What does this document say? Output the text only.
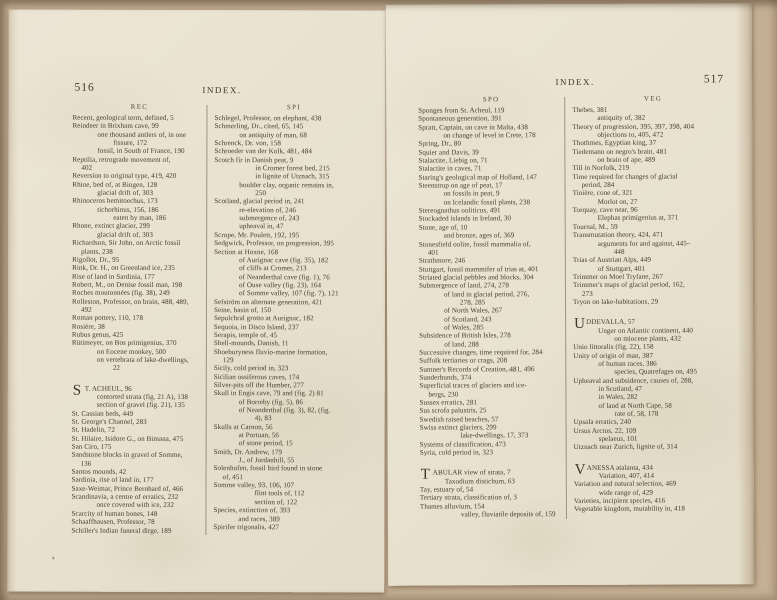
516	INDEX.
REC
Recent, geological term, defined, 5
Reindeer in Brixham cave, 99
one thousand antlers of, in one
fissure, 172
fossil, in South of France, 190
Reptilia, retrograde movement of,
402
Reversion to original type, 419, 420
Rhine, bed of, at Bingen, 128
glacial drift of, 303
Rhinoceros hemitoechus, 173
tichorhinus, 156, 186
eaten by man, 186
Rhone, extinct glacier, 299
glacial drift of, 303
Richardson, Sir John, on Arctic fossil
plants, 238
Rigollot, Dr., 95
Rink, Dr. H., on Greenland ice, 235
Rise of land in Sardinia, 177
Robert, M., on Denise fossil man, 198
Roches moutonnées (fig. 38), 249
Rolleston, Professor, on brain, 488, 489,
492
Roman pottery, 110, 178
Rosière, 38
Rubus genus, 425
Rütimeyer, on Bos primigenius, 370
on Eocene monkey, 500
on vertebrata of lake-dwellings,
22
S T. ACHEUL, 96
contorted strata (fig. 21 A), 138
section of gravel (fig. 21), 135
St. Cassian beds, 449
St. George's Channel, 283
St. Hadelin, 72
St. Hilaire, Isidore G., on Bimana, 475
San Ciro, 175
Sandstone blocks in gravel of Somme,
136
Santos mounds, 42
Sardinia, rise of land in, 177
Saxe-Weimar, Prince Bernhard of, 466
Scandinavia, a centre of erratics, 232
once covered with ice, 232
Scarcity of human bones, 148
Schaaffhausen, Professor, 78
Schiller's Indian funeral dirge, 189
SPI
Schlegel, Professor, on elephant, 438
Schmerling, Dr., cited, 65, 145
on antiquity of man, 68
Schrenck, Dr. von, 158
Schroeder van der Kolk, 481, 484
Scotch fir in Danish peat, 9
in Cromer forest bed, 215
in lignite of Utznach, 315
boulder clay, organic remains in,
250
Scotland, glacial period in, 241
re-elevation of, 246
submergence of, 243
upheaval in, 47
Scrope, Mr. Poulett, 192, 195
Sedgwick, Professor, on progression, 395
Section at Hoxne, 168
of Aurignac cave (fig. 35), 182
of cliffs at Cromer, 213
of Neanderthal cave (fig. 1), 76
of Ouse valley (fig. 23), 164
of Somme valley, 107 (fig. 7), 121
Sefström on alternate generation, 421
Seine, basin of, 150
Sepulchral grotto at Aurignac, 182
Sequoia, in Disco Island, 237
Serapis, temple of, 45
Shell-mounds, Danish, 11
Shoeburyness fluvio-marine formation,
129
Sicily, cold period in, 323
Sicilian ossiferous caves, 174
Silver-pits off the Humber, 277
Skull in Engis cave, 79 and (fig. 2) 81
of Borreby (fig. 5), 86
of Neanderthal (fig. 3), 82, (fig.
4), 83
Skulls at Carnon, 56
at Portuan, 56
of stone period, 15
Smith, Dr. Andrew, 179
J., of Jordanhill, 55
Solenhofen, fossil bird found in stone
of, 451
Somme valley, 93, 106, 107
flint tools of, 112
section of, 122
Species, extinction of, 393
and races, 389
Spirifer trigonalis, 427
INDEX.	517
SPO
Sponges from St. Acheul, 119
Spontaneous generation, 391
Spratt, Captain, on cave in Malta, 438
on change of level in Crete, 178
Spring, Dr., 80
Squier and Davis, 39
Stalactite, Liebig on, 71
Stalactite in caves, 71
Staring's geological map of Holland, 147
Steenstrup on age of peat, 17
on fossils in peat, 9
on Icelandic fossil plants, 238
Stereognathus ooliticus, 491
Stockaded islands in Ireland, 30
Stone, age of, 10
and bronze, ages of, 369
Stonesfield oolite, fossil mammalia of,
401
Strathmore, 246
Stuttgart, fossil mammifer of trias at, 401
Striated glacial pebbles and blocks, 304
Submergence of land, 274, 278
of land in glacial period, 276,
278, 285
of North Wales, 267
of Scotland, 243
of Wales, 285
Subsidence of British Isles, 278
of land, 288
Successive changes, time required for, 284
Suffolk tertiaries or crags, 208
Sumner's Records of Creation, 481, 496
Sunderbunds, 374
Superficial traces of glaciers and ice-
bergs, 230
Sussex erratics, 281
Sus scrofa palustris, 25
Swedish raised beaches, 57
Swiss extinct glaciers, 299
lake-dwellings, 17, 373
Systems of classification, 473
Syria, cold period in, 323
T ABULAR view of strata, 7
Taxodium distichum, 63
Tay, estuary of, 54
Tertiary strata, classification of, 3
Thames alluvium, 154
valley, fluviatile deposits of, 159
VEG
Thebes, 381
antiquity of, 382
Theory of progression, 395, 397, 398, 404
objections to, 405, 472
Thothmes, Egyptian king, 37
Tiedemann on negro's brain, 481
on brain of ape, 489
Till in Norfolk, 219
Time required for changes of glacial
period, 284
Tinière, cone of, 321
Morlot on, 27
Torquay, cave near, 96
Elephas primigenius at, 371
Tournal, M., 59
Transmutation theory, 424, 471
arguments for and against, 445–
448
Trias of Austrian Alps, 449
of Stuttgart, 401
Trimmer on Moel Tryfane, 267
Trimmer's maps of glacial period, 162,
273
Tryon on lake-habitations, 29
U DDEVALLA, 57
Unger on Atlantic continent, 440
on miocene plants, 432
Unio littoralis (fig. 22), 158
Unity of origin of man, 387
of human races, 386
species, Quatrefages on, 495
Upheaval and subsidence, causes of, 288,
in Scotland, 47
in Wales, 282
of land at North Cape, 58
rate of, 58, 178
Upsala erratics, 240
Ursus Arctos, 22, 109
spelaeus, 101
Utznach near Zurich, lignite of, 314
V ANESSA atalanta, 434
Variation, 407, 414
Variation and natural selection, 469
wide range of, 429
Varieties, incipient species, 416
Vegetable kingdom, mutability in, 418
